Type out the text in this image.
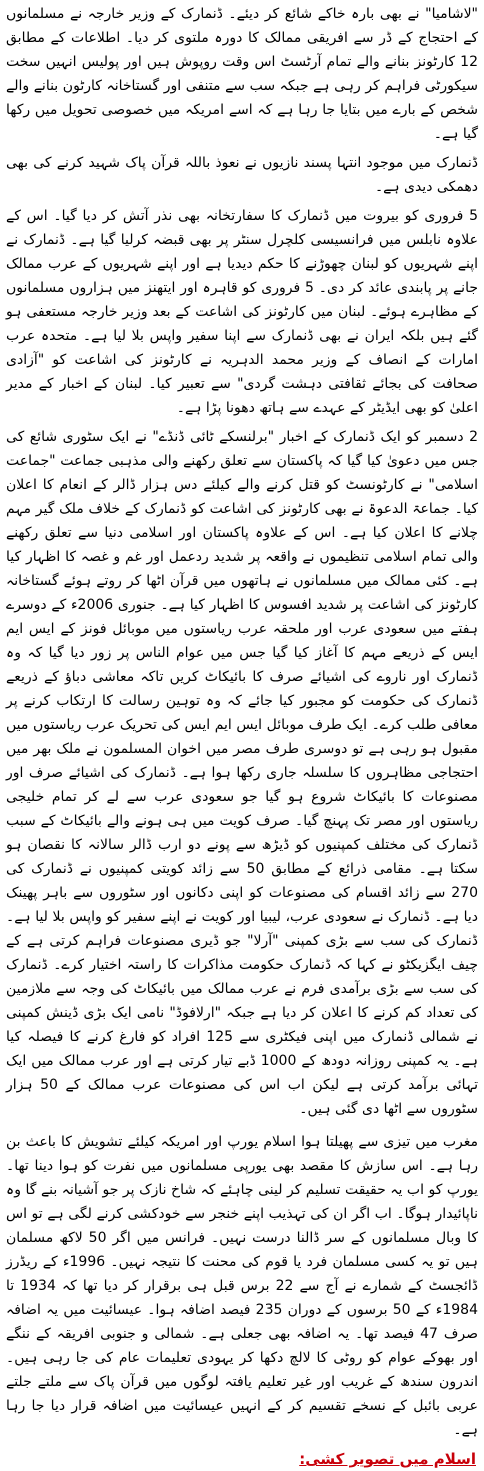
"لاشامیا" نے بھی بارہ خاکے شائع کر دیئے۔ ڈنمارک کے وزیر خارجہ نے مسلمانوں کے احتجاج کے ڈر سے افریقی ممالک کا دورہ ملتوی کر دیا۔ اطلاعات کے مطابق 12 کارٹونز بنانے والے تمام آرٹسٹ اس وقت روپوش ہیں اور پولیس انہیں سخت سیکورٹی فراہم کر رہی ہے جبکہ سب سے متنفی اور گستاخانہ کارٹون بنانے والے شخص کے بارے میں بتایا جا رہا ہے کہ اسے امریکہ میں خصوصی تحویل میں رکھا گیا ہے۔

ڈنمارک میں موجود انتہا پسند نازیوں نے نعوذ باللہ قرآن پاک شہید کرنے کی بھی دھمکی دیدی ہے۔

5 فروری کو بیروت میں ڈنمارک کا سفارتخانہ بھی نذر آتش کر دیا گیا۔ اس کے علاوہ نابلس میں فرانسیسی کلچرل سنٹر پر بھی قبضہ کرلیا گیا ہے۔ ڈنمارک نے اپنے شہریوں کو لبنان چھوڑنے کا حکم دیدیا ہے اور اپنے شہریوں کے عرب ممالک جانے پر پابندی عائد کر دی۔ 5 فروری کو قاہرہ اور ایتھنز میں ہزاروں مسلمانوں کے مظاہرے ہوئے۔ لبنان میں کارٹونز کی اشاعت کے بعد وزیر خارجہ مستعفی ہو گئے ہیں بلکہ ایران نے بھی ڈنمارک سے اپنا سفیر واپس بلا لیا ہے۔ متحدہ عرب امارات کے انصاف کے وزیر محمد الدہریہ نے کارٹونز کی اشاعت کو "آزادی صحافت کی بجائے ثقافتی دہشت گردی" سے تعبیر کیا۔ لبنان کے اخبار کے مدیر اعلیٰ کو بھی ایڈیٹر کے عہدے سے ہاتھ دھونا پڑا ہے۔

2 دسمبر کو ایک ڈنمارک کے اخبار "برلنسکے ٹائی ڈنڈے" نے ایک سٹوری شائع کی جس میں دعویٰ کیا گیا کہ پاکستان سے تعلق رکھنے والی مذہبی جماعت "جماعت اسلامی" نے کارٹونسٹ کو قتل کرنے والے کیلئے دس ہزار ڈالر کے انعام کا اعلان کیا۔ جماعۃ الدعوۃ نے بھی کارٹونز کی اشاعت کو ڈنمارک کے خلاف ملک گیر مہم چلانے کا اعلان کیا ہے۔ اس کے علاوہ پاکستان اور اسلامی دنیا سے تعلق رکھنے والی تمام اسلامی تنظیموں نے واقعہ پر شدید ردعمل اور غم و غصہ کا اظہار کیا ہے۔ کئی ممالک میں مسلمانوں نے ہاتھوں میں قرآن اٹھا کر روتے ہوئے گستاخانہ کارٹونز کی اشاعت پر شدید افسوس کا اظہار کیا ہے۔ جنوری 2006ء کے دوسرے ہفتے میں سعودی عرب اور ملحقہ عرب ریاستوں میں موبائل فونز کے ایس ایم ایس کے ذریعے مہم کا آغاز کیا گیا جس میں عوام الناس پر زور دیا گیا کہ وہ ڈنمارک اور ناروے کی اشیائے صرف کا بائیکاٹ کریں تاکہ معاشی دباؤ کے ذریعے ڈنمارک کی حکومت کو مجبور کیا جائے کہ وہ توہین رسالت کا ارتکاب کرنے پر معافی طلب کرے۔ ایک طرف موبائل ایس ایم ایس کی تحریک عرب ریاستوں میں مقبول ہو رہی ہے تو دوسری طرف مصر میں اخوان المسلمون نے ملک بھر میں احتجاجی مظاہروں کا سلسلہ جاری رکھا ہوا ہے۔ ڈنمارک کی اشیائے صرف اور مصنوعات کا بائیکاٹ شروع ہو گیا جو سعودی عرب سے لے کر تمام خلیجی ریاستوں اور مصر تک پہنچ گیا۔ صرف کویت میں ہی ہونے والے بائیکاٹ کے سبب ڈنمارک کی مختلف کمپنیوں کو ڈیڑھ سے پونے دو ارب ڈالر سالانہ کا نقصان ہو سکتا ہے۔ مقامی ذرائع کے مطابق 50 سے زائد کویتی کمپنیوں نے ڈنمارک کی 270 سے زائد اقسام کی مصنوعات کو اپنی دکانوں اور سٹوروں سے باہر پھینک دیا ہے۔ ڈنمارک نے سعودی عرب، لیبیا اور کویت نے اپنے سفیر کو واپس بلا لیا ہے۔ ڈنمارک کی سب سے بڑی کمپنی "آرلا" جو ڈیری مصنوعات فراہم کرتی ہے کے چیف ایگزیکٹو نے کہا کہ ڈنمارک حکومت مذاکرات کا راستہ اختیار کرے۔ ڈنمارک کی سب سے بڑی برآمدی فرم نے عرب ممالک میں بائیکاٹ کی وجہ سے ملازمین کی تعداد کم کرنے کا اعلان کر دیا ہے جبکہ "ارلافوڈ" نامی ایک بڑی ڈینش کمپنی نے شمالی ڈنمارک میں اپنی فیکٹری سے 125 افراد کو فارغ کرنے کا فیصلہ کیا ہے۔ یہ کمپنی روزانہ دودھ کے 1000 ڈبے تیار کرتی ہے اور عرب ممالک میں ایک تہائی برآمد کرتی ہے لیکن اب اس کی مصنوعات عرب ممالک کے 50 ہزار سٹوروں سے اٹھا دی گئی ہیں۔

مغرب میں تیزی سے پھیلتا ہوا اسلام یورپ اور امریکہ کیلئے تشویش کا باعث بن رہا ہے۔ اس سازش کا مقصد بھی یورپی مسلمانوں میں نفرت کو ہوا دینا تھا۔ یورپ کو اب یہ حقیقت تسلیم کر لینی چاہئے کہ شاخ نازک پر جو آشیانہ بنے گا وہ ناپائیدار ہوگا۔ اب اگر ان کی تہذیب اپنے خنجر سے خودکشی کرنے لگی ہے تو اس کا وبال مسلمانوں کے سر ڈالنا درست نہیں۔ فرانس میں اگر 50 لاکھ مسلمان ہیں تو یہ کسی مسلمان فرد یا قوم کی محنت کا نتیجہ نہیں۔ 1996ء کے ریڈرز ڈائجسٹ کے شمارے نے آج سے 22 برس قبل ہی برقرار کر دیا تھا کہ 1934 تا 1984ء کے 50 برسوں کے دوران 235 فیصد اضافہ ہوا۔ عیسائیت میں یہ اضافہ صرف 47 فیصد تھا۔ یہ اضافہ بھی جعلی ہے۔ شمالی و جنوبی افریقہ کے ننگے اور بھوکے عوام کو روٹی کا لالچ دکھا کر یہودی تعلیمات عام کی جا رہی ہیں۔ اندرون سندھ کے غریب اور غیر تعلیم یافتہ لوگوں میں قرآن پاک سے ملتے جلتے عربی بائبل کے نسخے تقسیم کر کے انہیں عیسائیت میں اضافہ قرار دیا جا رہا ہے۔

اسلام میں تصویر کشی:
